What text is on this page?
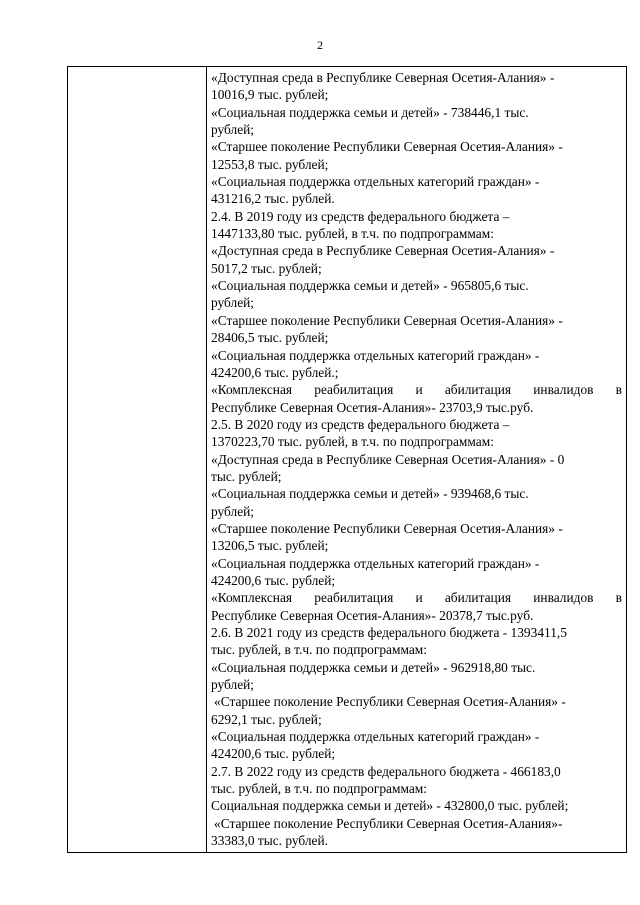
2
«Доступная среда в Республике Северная Осетия-Алания» -
10016,9 тыс. рублей;
«Социальная поддержка семьи и детей» - 738446,1 тыс.
рублей;
«Старшее поколение Республики Северная Осетия-Алания» -
12553,8 тыс. рублей;
«Социальная поддержка отдельных категорий граждан» -
431216,2 тыс. рублей.
2.4. В 2019 году из средств федерального бюджета –
1447133,80 тыс. рублей, в т.ч. по подпрограммам:
«Доступная среда в Республике Северная Осетия-Алания» -
5017,2 тыс. рублей;
«Социальная поддержка семьи и детей» - 965805,6 тыс.
рублей;
«Старшее поколение Республики Северная Осетия-Алания» -
28406,5 тыс. рублей;
«Социальная поддержка отдельных категорий граждан» -
424200,6 тыс. рублей.;
«Комплексная реабилитация и абилитация инвалидов в
Республике Северная Осетия-Алания»- 23703,9 тыс.руб.
2.5. В 2020 году из средств федерального бюджета –
1370223,70 тыс. рублей, в т.ч. по подпрограммам:
«Доступная среда в Республике Северная Осетия-Алания» - 0
тыс. рублей;
«Социальная поддержка семьи и детей» - 939468,6 тыс.
рублей;
«Старшее поколение Республики Северная Осетия-Алания» -
13206,5 тыс. рублей;
«Социальная поддержка отдельных категорий граждан» -
424200,6 тыс. рублей;
«Комплексная реабилитация и абилитация инвалидов в
Республике Северная Осетия-Алания»- 20378,7 тыс.руб.
2.6. В 2021 году из средств федерального бюджета - 1393411,5
тыс. рублей, в т.ч. по подпрограммам:
«Социальная поддержка семьи и детей» - 962918,80 тыс.
рублей;
«Старшее поколение Республики Северная Осетия-Алания» -
6292,1 тыс. рублей;
«Социальная поддержка отдельных категорий граждан» -
424200,6 тыс. рублей;
2.7. В 2022 году из средств федерального бюджета - 466183,0
тыс. рублей, в т.ч. по подпрограммам:
Социальная поддержка семьи и детей» - 432800,0 тыс. рублей;
«Старшее поколение Республики Северная Осетия-Алания»-
33383,0 тыс. рублей.
